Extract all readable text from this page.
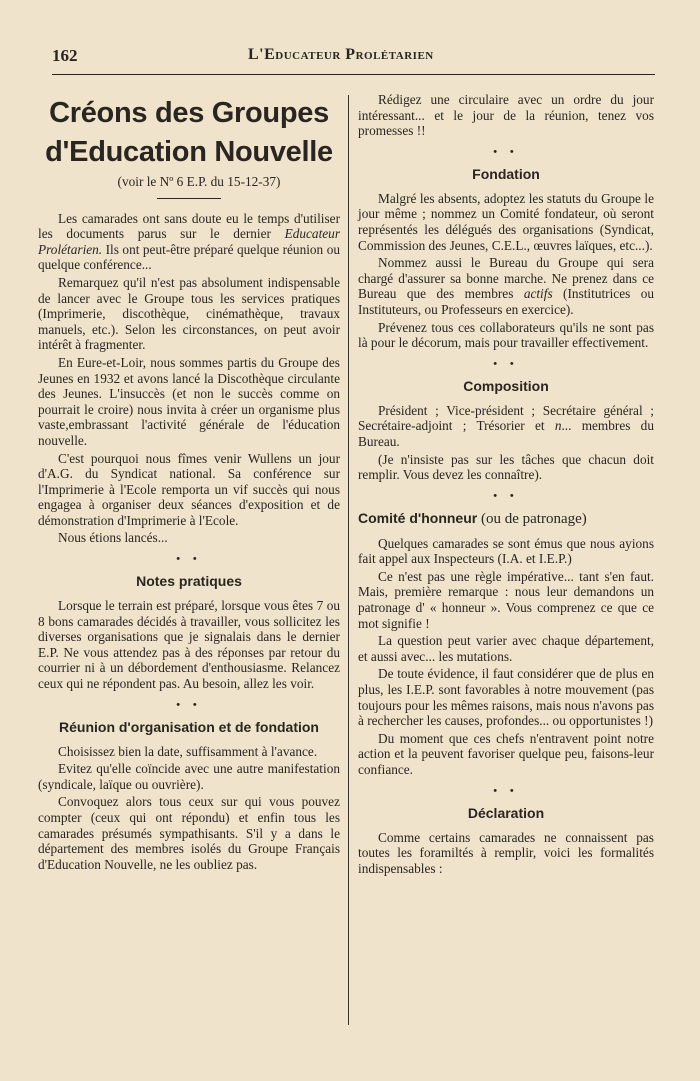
162	L'Educateur Prolétarien
Créons des Groupes
d'Education Nouvelle

(voir le Nº 6 E.P. du 15-12-37)

Les camarades ont sans doute eu le temps d'utiliser les documents parus sur le dernier Educateur Prolétarien. Ils ont peut-être préparé quelque réunion ou quelque conférence...

Remarquez qu'il n'est pas absolument indispensable de lancer avec le Groupe tous les services pratiques (Imprimerie, discothèque, cinémathèque, travaux manuels, etc.). Selon les circonstances, on peut avoir intérêt à fragmenter.

En Eure-et-Loir, nous sommes partis du Groupe des Jeunes en 1932 et avons lancé la Discothèque circulante des Jeunes. L'insuccès (et non le succès comme on pourrait le croire) nous invita à créer un organisme plus vaste,embrassant l'activité générale de l'éducation nouvelle.

C'est pourquoi nous fîmes venir Wullens un jour d'A.G. du Syndicat national. Sa conférence sur l'Imprimerie à l'Ecole remporta un vif succès qui nous engagea à organiser deux séances d'exposition et de démonstration d'Imprimerie à l'Ecole.

Nous étions lancés...

• •
Notes pratiques

Lorsque le terrain est préparé, lorsque vous êtes 7 ou 8 bons camarades décidés à travailler, vous sollicitez les diverses organisations que je signalais dans le dernier E.P. Ne vous attendez pas à des réponses par retour du courrier ni à un débordement d'enthousiasme. Relancez ceux qui ne répondent pas. Au besoin, allez les voir.

• •
Réunion d'organisation et de fondation

Choisissez bien la date, suffisamment à l'avance.

Evitez qu'elle coïncide avec une autre manifestation (syndicale, laïque ou ouvrière).

Convoquez alors tous ceux sur qui vous pouvez compter (ceux qui ont répondu) et enfin tous les camarades présumés sympathisants. S'il y a dans le département des membres isolés du Groupe Français d'Education Nouvelle, ne les oubliez pas.

Rédigez une circulaire avec un ordre du jour intéressant... et le jour de la réunion, tenez vos promesses !!

• •
Fondation

Malgré les absents, adoptez les statuts du Groupe le jour même ; nommez un Comité fondateur, où seront représentés les délégués des organisations (Syndicat, Commission des Jeunes, C.E.L., œuvres laïques, etc...).

Nommez aussi le Bureau du Groupe qui sera chargé d'assurer sa bonne marche. Ne prenez dans ce Bureau que des membres actifs (Institutrices ou Instituteurs, ou Professeurs en exercice).

Prévenez tous ces collaborateurs qu'ils ne sont pas là pour le décorum, mais pour travailler effectivement.

• •
Composition

Président ; Vice-président ; Secrétaire général ; Secrétaire-adjoint ; Trésorier et n... membres du Bureau.

(Je n'insiste pas sur les tâches que chacun doit remplir. Vous devez les connaître).

• •
Comité d'honneur (ou de patronage)

Quelques camarades se sont émus que nous ayions fait appel aux Inspecteurs (I.A. et I.E.P.)

Ce n'est pas une règle impérative... tant s'en faut. Mais, première remarque : nous leur demandons un patronage d' « honneur ». Vous comprenez ce que ce mot signifie !

La question peut varier avec chaque département, et aussi avec... les mutations.

De toute évidence, il faut considérer que de plus en plus, les I.E.P. sont favorables à notre mouvement (pas toujours pour les mêmes raisons, mais nous n'avons pas à rechercher les causes, profondes... ou opportunistes !)

Du moment que ces chefs n'entravent point notre action et la peuvent favoriser quelque peu, faisons-leur confiance.

• •
Déclaration

Comme certains camarades ne connaissent pas toutes les foramiltés à remplir, voici les formalités indispensables :
